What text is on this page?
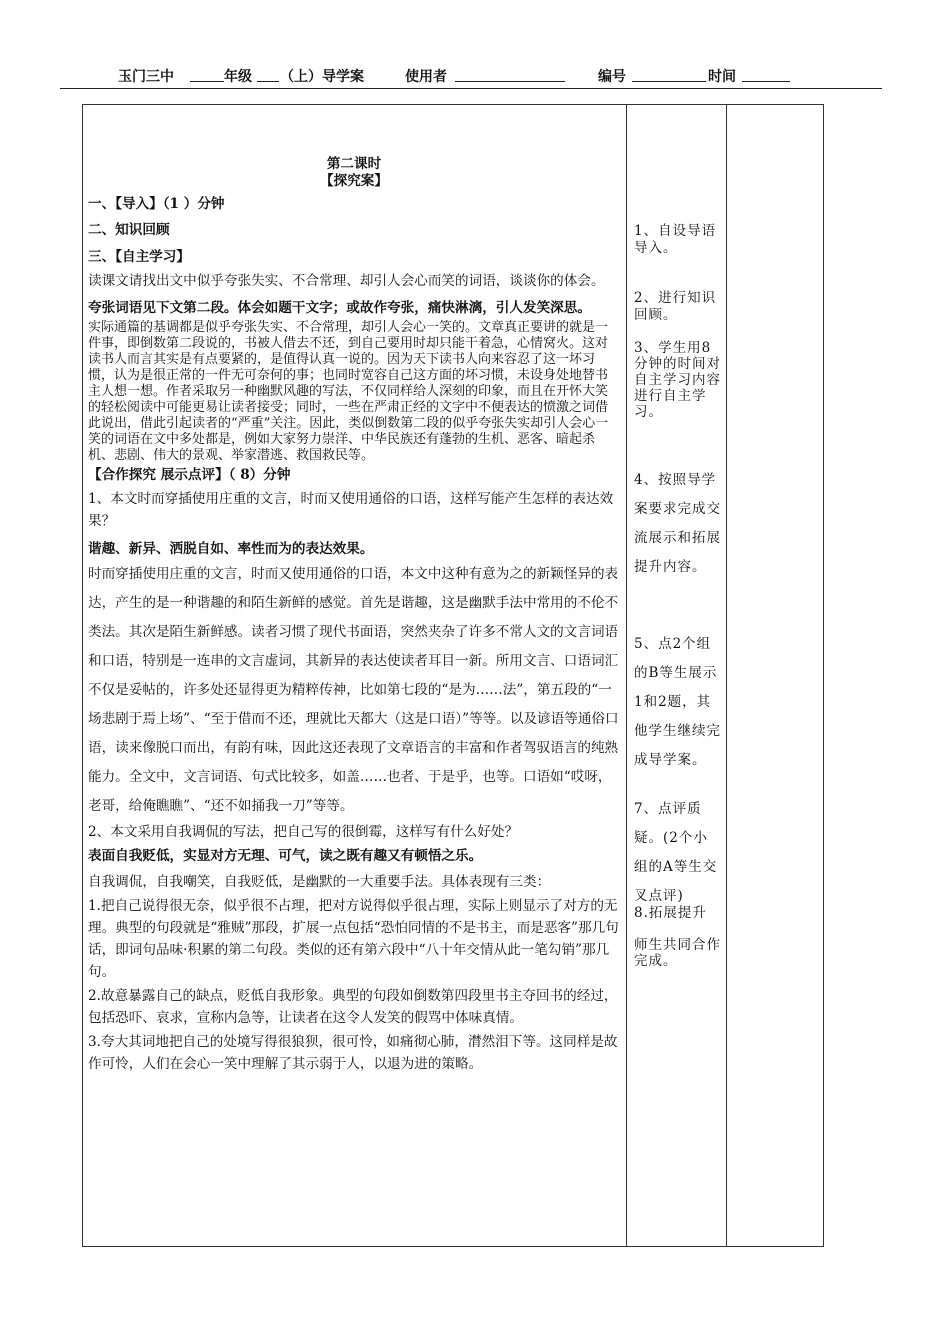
玉门三中	年级 （上）导学案	使用者	编号	时间

第二课时

【探究案】

一、【导入】（1 ）分钟

二、知识回顾

三、【自主学习】

读课文请找出文中似乎夸张失实、不合常理、却引人会心而笑的词语，谈谈你的体会。

夸张词语见下文第二段。体会如题干文字；或故作夸张，痛快淋漓，引人发笑深思。

实际通篇的基调都是似乎夸张失实、不合常理，却引人会心一笑的。文章真正要讲的就是一件事，即倒数第二段说的，书被人借去不还，到自己要用时却只能干着急，心情窝火。这对读书人而言其实是有点要紧的，是值得认真一说的。因为天下读书人向来容忍了这一坏习惯，认为是很正常的一件无可奈何的事；也同时宽容自己这方面的坏习惯，未设身处地替书主人想一想。作者采取另一种幽默风趣的写法，不仅同样给人深刻的印象，而且在开怀大笑的轻松阅读中可能更易让读者接受；同时，一些在严肃正经的文字中不便表达的愤激之词借此说出，借此引起读者的“严重”关注。因此，类似倒数第二段的似乎夸张失实却引人会心一笑的词语在文中多处都是，例如大家努力崇洋、中华民族还有蓬勃的生机、恶客、暗起杀机、悲剧、伟大的景观、举家潜逃、救国救民等。

【合作探究 展示点评】（ 8）分钟

1、本文时而穿插使用庄重的文言，时而又使用通俗的口语，这样写能产生怎样的表达效果？

谐趣、新异、洒脱自如、率性而为的表达效果。

时而穿插使用庄重的文言，时而又使用通俗的口语，本文中这种有意为之的新颖怪异的表达，产生的是一种谐趣的和陌生新鲜的感觉。首先是谐趣，这是幽默手法中常用的不伦不类法。其次是陌生新鲜感。读者习惯了现代书面语，突然夹杂了许多不常人文的文言词语和口语，特别是一连串的文言虚词，其新异的表达使读者耳目一新。所用文言、口语词汇不仅是妥帖的，许多处还显得更为精粹传神，比如第七段的“是为……法”，第五段的“一场悲剧于焉上场”、“至于借而不还，理就比天都大（这是口语）”等等。以及谚语等通俗口语，读来像脱口而出，有韵有味，因此这还表现了文章语言的丰富和作者驾驭语言的纯熟能力。全文中，文言词语、句式比较多，如盖……也者、于是乎，也等。口语如“哎呀，老哥，给俺瞧瞧”、“还不如捅我一刀”等等。

2、本文采用自我调侃的写法，把自己写的很倒霉，这样写有什么好处？

表面自我贬低，实显对方无理、可气，读之既有趣又有顿悟之乐。

自我调侃，自我嘲笑，自我贬低，是幽默的一大重要手法。具体表现有三类：

1.把自己说得很无奈，似乎很不占理，把对方说得似乎很占理，实际上则显示了对方的无理。典型的句段就是“雅贼”那段，扩展一点包括“恐怕同情的不是书主，而是恶客”那几句话，即词句品味·积累的第二句段。类似的还有第六段中“八十年交情从此一笔勾销”那几句。

2.故意暴露自己的缺点，贬低自我形象。典型的句段如倒数第四段里书主夺回书的经过，包括恐吓、哀求，宣称内急等，让读者在这令人发笑的假骂中体味真情。

3.夸大其词地把自己的处境写得很狼狈，很可怜，如痛彻心肺，潸然泪下等。这同样是故作可怜，人们在会心一笑中理解了其示弱于人，以退为进的策略。

1、自设导语导入。
2、进行知识回顾。
3、学生用8分钟的时间对自主学习内容进行自主学习。
4、按照导学案要求完成交流展示和拓展提升内容。
5、点2个组的B等生展示1和2题，其他学生继续完成导学案。
7、点评质疑。(2个小组的A等生交叉点评)
8.拓展提升
师生共同合作完成。
